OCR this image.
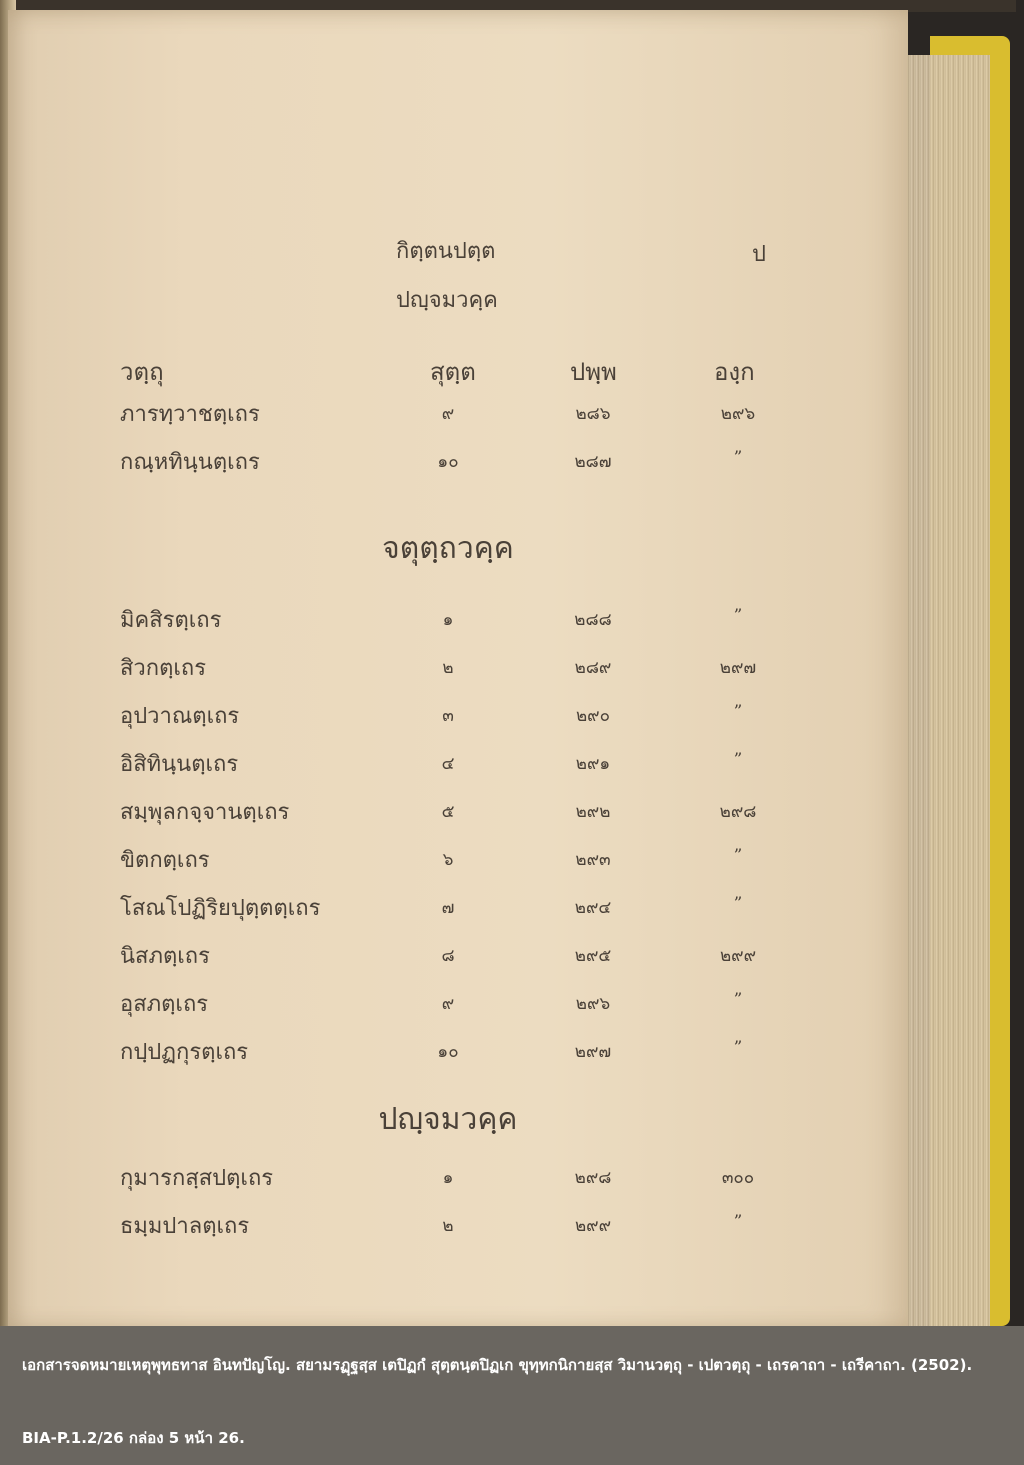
กิตฺตนปตฺต	ป
ปญฺจมวคฺค
วตฺถุ	สุตฺต	ปพฺพ	องฺก
ภารทฺวาชตฺเถร	๙	๒๘๖	๒๙๖
กณฺหทินฺนตฺเถร	๑๐	๒๘๗	”
จตุตฺถวคฺค
มิคสิรตฺเถร	๑	๒๘๘	”
สิวกตฺเถร	๒	๒๘๙	๒๙๗
อุปวาณตฺเถร	๓	๒๙๐	”
อิสิทินฺนตฺเถร	๔	๒๙๑	”
สมฺพุลกจฺจานตฺเถร	๕	๒๙๒	๒๙๘
ขิตกตฺเถร	๖	๒๙๓	”
โสณโปฏิริยปุตฺตตฺเถร	๗	๒๙๔	”
นิสภตฺเถร	๘	๒๙๕	๒๙๙
อุสภตฺเถร	๙	๒๙๖	”
กปฺปฏกุรตฺเถร	๑๐	๒๙๗	”
ปญฺจมวคฺค
กุมารกสฺสปตฺเถร	๑	๒๙๘	๓๐๐
ธมฺมปาลตฺเถร	๒	๒๙๙	”
เอกสารจดหมายเหตุพุทธทาส อินทปัญโญ. สยามรฏฺฐสฺส เตปิฏกํ สุตฺตนฺตปิฏเก ขุทฺทกนิกายสฺส วิมานวตฺถุ - เปตวตฺถุ - เถรคาถา - เถรีคาถา. (2502).
BIA-P.1.2/26 กล่อง 5 หน้า 26.
